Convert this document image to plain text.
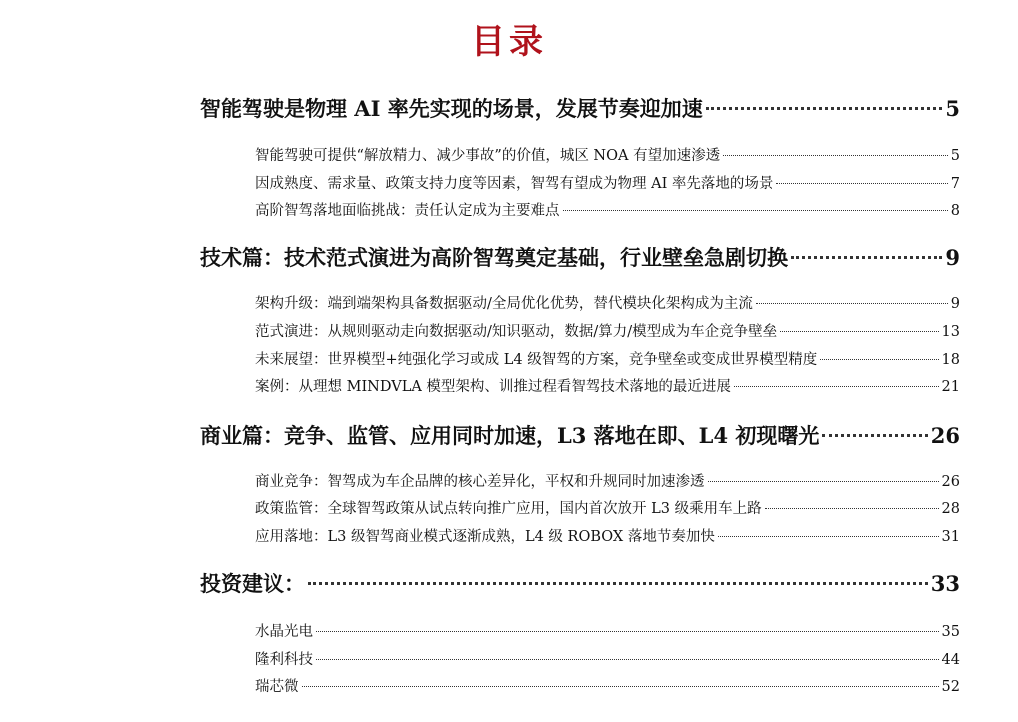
目录
智能驾驶是物理 AI 率先实现的场景，发展节奏迎加速	5
智能驾驶可提供“解放精力、减少事故”的价值，城区 NOA 有望加速渗透	5
因成熟度、需求量、政策支持力度等因素，智驾有望成为物理 AI 率先落地的场景	7
高阶智驾落地面临挑战：责任认定成为主要难点	8
技术篇：技术范式演进为高阶智驾奠定基础，行业壁垒急剧切换	9
架构升级：端到端架构具备数据驱动/全局优化优势，替代模块化架构成为主流	9
范式演进：从规则驱动走向数据驱动/知识驱动，数据/算力/模型成为车企竞争壁垒	13
未来展望：世界模型+纯强化学习或成 L4 级智驾的方案，竞争壁垒或变成世界模型精度	18
案例：从理想 MINDVLA 模型架构、训推过程看智驾技术落地的最近进展	21
商业篇：竞争、监管、应用同时加速，L3 落地在即、L4 初现曙光	26
商业竞争：智驾成为车企品牌的核心差异化，平权和升规同时加速渗透	26
政策监管：全球智驾政策从试点转向推广应用，国内首次放开 L3 级乘用车上路	28
应用落地：L3 级智驾商业模式逐渐成熟，L4 级 ROBOX 落地节奏加快	31
投资建议：	33
水晶光电	35
隆利科技	44
瑞芯微	52
